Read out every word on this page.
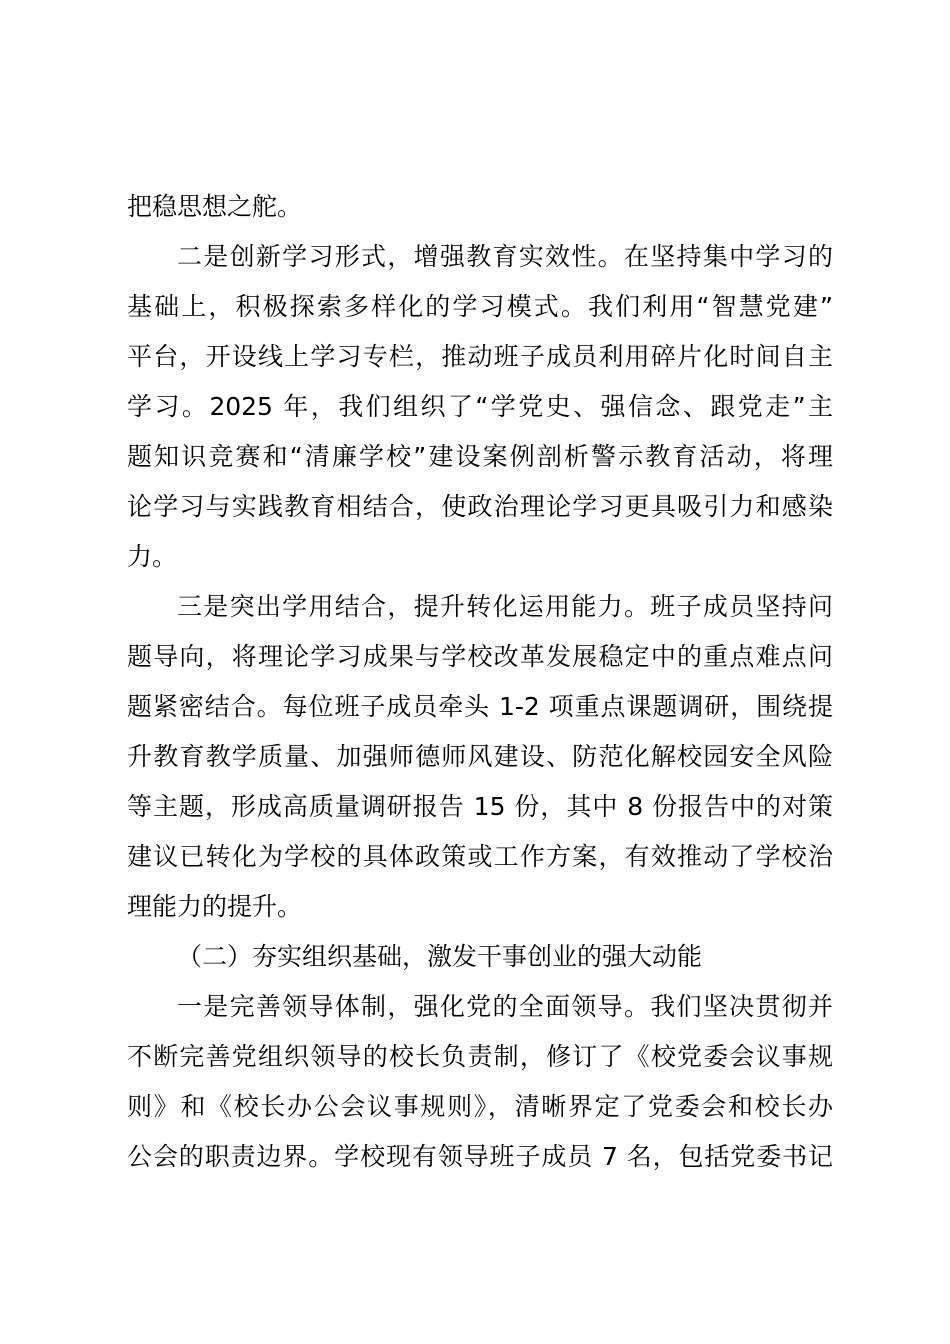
把稳思想之舵。
二是创新学习形式，增强教育实效性。在坚持集中学习的
基础上，积极探索多样化的学习模式。我们利用“智慧党建”
平台，开设线上学习专栏，推动班子成员利用碎片化时间自主
学习。2025 年，我们组织了“学党史、强信念、跟党走”主
题知识竞赛和“清廉学校”建设案例剖析警示教育活动，将理
论学习与实践教育相结合，使政治理论学习更具吸引力和感染
力。
三是突出学用结合，提升转化运用能力。班子成员坚持问
题导向，将理论学习成果与学校改革发展稳定中的重点难点问
题紧密结合。每位班子成员牵头 1-2 项重点课题调研，围绕提
升教育教学质量、加强师德师风建设、防范化解校园安全风险
等主题，形成高质量调研报告 15 份，其中 8 份报告中的对策
建议已转化为学校的具体政策或工作方案，有效推动了学校治
理能力的提升。
（二）夯实组织基础，激发干事创业的强大动能
一是完善领导体制，强化党的全面领导。我们坚决贯彻并
不断完善党组织领导的校长负责制，修订了《校党委会议事规
则》和《校长办公会议事规则》，清晰界定了党委会和校长办
公会的职责边界。学校现有领导班子成员 7 名，包括党委书记
